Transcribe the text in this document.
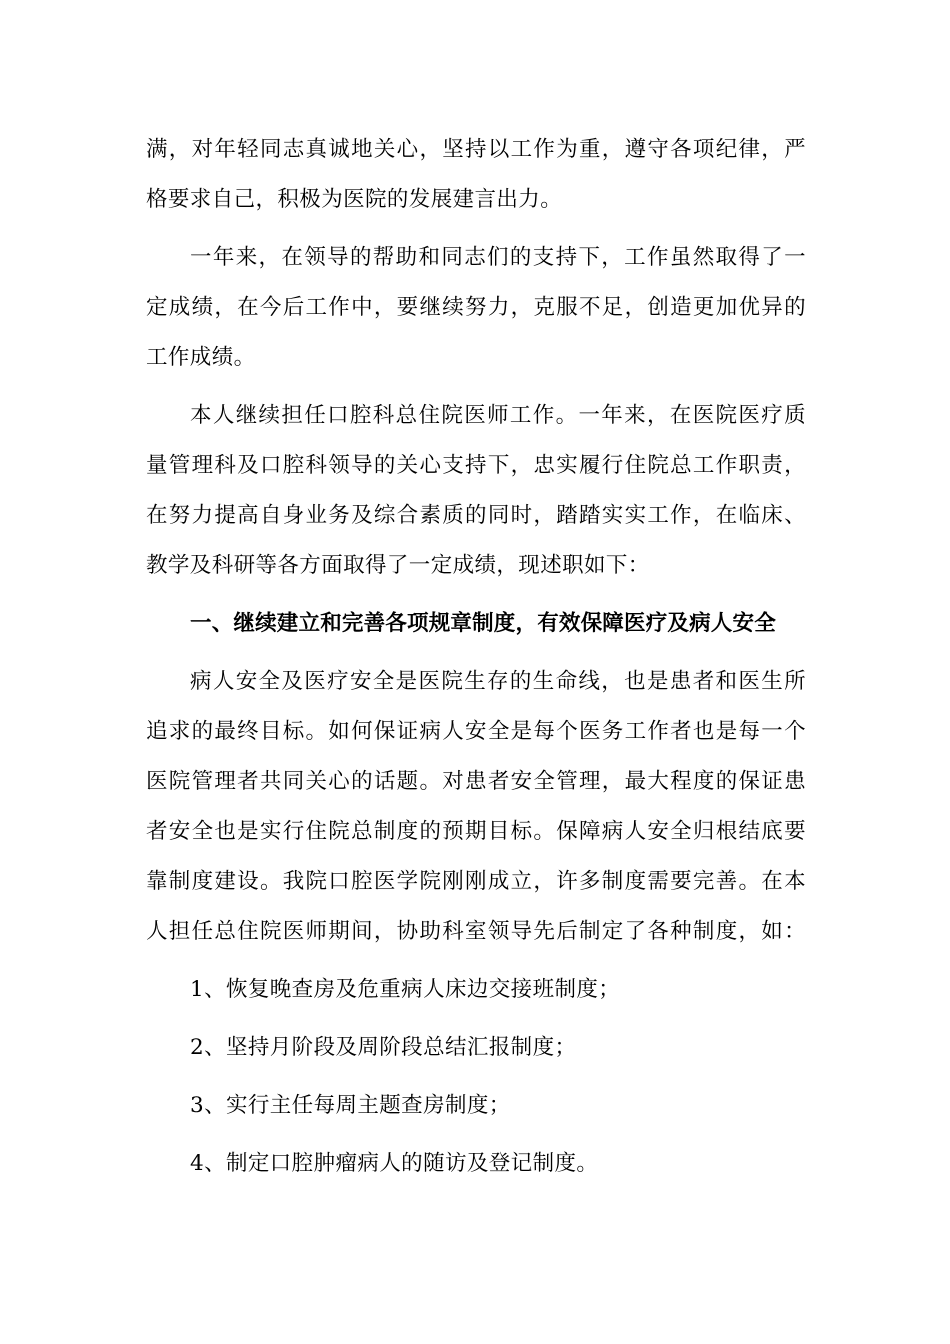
满，对年轻同志真诚地关心，坚持以工作为重，遵守各项纪律，严
格要求自己，积极为医院的发展建言出力。
一年来，在领导的帮助和同志们的支持下，工作虽然取得了一
定成绩，在今后工作中，要继续努力，克服不足，创造更加优异的
工作成绩。
本人继续担任口腔科总住院医师工作。一年来，在医院医疗质
量管理科及口腔科领导的关心支持下，忠实履行住院总工作职责，
在努力提高自身业务及综合素质的同时，踏踏实实工作，在临床、
教学及科研等各方面取得了一定成绩，现述职如下：
一、继续建立和完善各项规章制度，有效保障医疗及病人安全
病人安全及医疗安全是医院生存的生命线，也是患者和医生所
追求的最终目标。如何保证病人安全是每个医务工作者也是每一个
医院管理者共同关心的话题。对患者安全管理，最大程度的保证患
者安全也是实行住院总制度的预期目标。保障病人安全归根结底要
靠制度建设。我院口腔医学院刚刚成立，许多制度需要完善。在本
人担任总住院医师期间，协助科室领导先后制定了各种制度，如：
1、恢复晚查房及危重病人床边交接班制度；
2、坚持月阶段及周阶段总结汇报制度；
3、实行主任每周主题查房制度；
4、制定口腔肿瘤病人的随访及登记制度。
